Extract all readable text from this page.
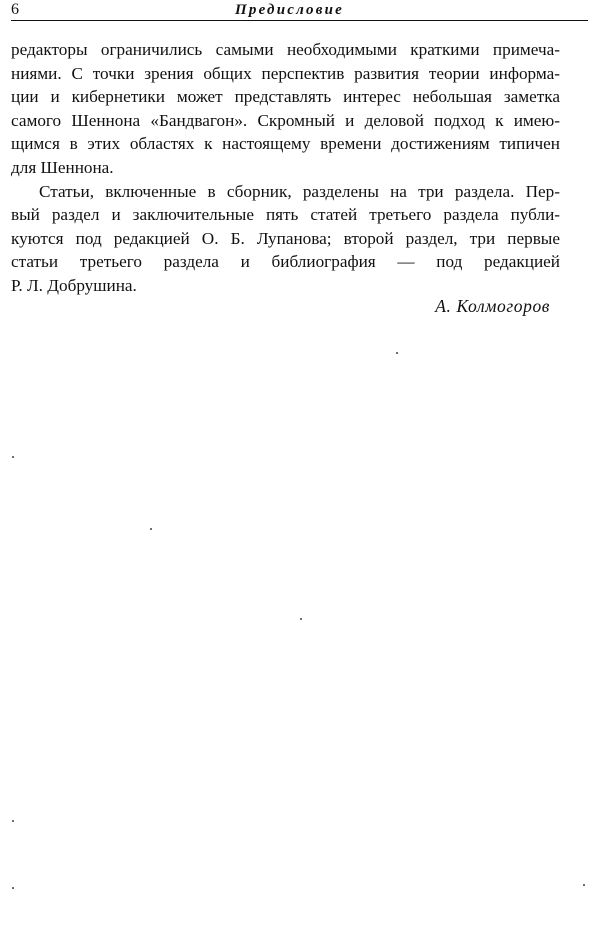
6	Предисловие

редакторы ограничились самыми необходимыми краткими примеча-
ниями. С точки зрения общих перспектив развития теории информа-
ции и кибернетики может представлять интерес небольшая заметка
самого Шеннона «Бандвагон». Скромный и деловой подход к имею-
щимся в этих областях к настоящему времени достижениям типичен
для Шеннона.

Статьи, включенные в сборник, разделены на три раздела. Пер-
вый раздел и заключительные пять статей третьего раздела публи-
куются под редакцией О. Б. Лупанова; второй раздел, три первые
статьи третьего раздела и библиография — под редакцией
Р. Л. Добрушина.

А. Колмогоров
